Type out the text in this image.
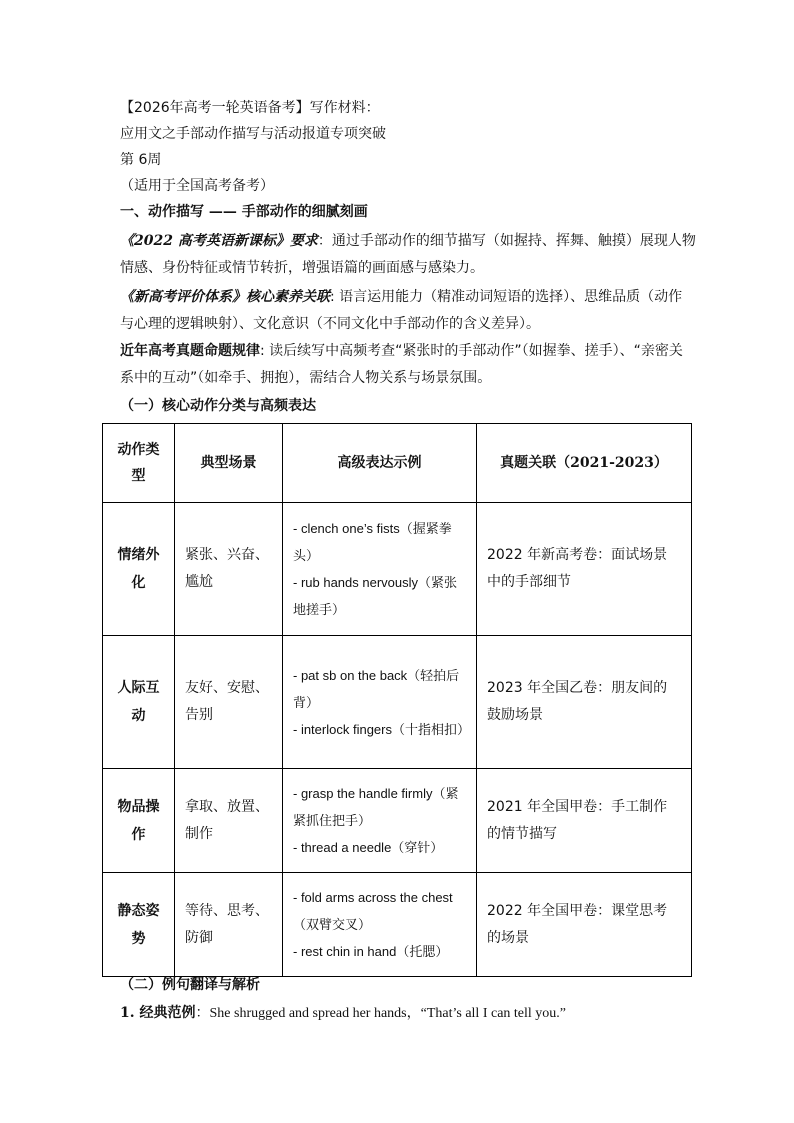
【2026年高考一轮英语备考】写作材料：
应用文之手部动作描写与活动报道专项突破
第 6周
（适用于全国高考备考）
一、动作描写 —— 手部动作的细腻刻画
《2022 高考英语新课标》要求：通过手部动作的细节描写（如握持、挥舞、触摸）展现人物情感、身份特征或情节转折，增强语篇的画面感与感染力。
《新高考评价体系》核心素养关联: 语言运用能力（精准动词短语的选择）、思维品质（动作与心理的逻辑映射）、文化意识（不同文化中手部动作的含义差异）。
近年高考真题命题规律: 读后续写中高频考查“紧张时的手部动作”（如握拳、搓手）、“亲密关系中的互动”（如牵手、拥抱），需结合人物关系与场景氛围。
（一）核心动作分类与高频表达
动作类型	典型场景	高级表达示例	真题关联（2021-2023）
情绪外化	紧张、兴奋、尴尬	- clench one’s fists（握紧拳头）
- rub hands nervously（紧张地搓手）	2022 年新高考卷：面试场景中的手部细节
人际互动	友好、安慰、告别	- pat sb on the back（轻拍后背）
- interlock fingers（十指相扣）	2023 年全国乙卷：朋友间的鼓励场景
物品操作	拿取、放置、制作	- grasp the handle firmly（紧紧抓住把手）
- thread a needle（穿针）	2021 年全国甲卷：手工制作的情节描写
静态姿势	等待、思考、防御	- fold arms across the chest（双臂交叉）
- rest chin in hand（托腮）	2022 年全国甲卷：课堂思考的场景
（二）例句翻译与解析
1. 经典范例：She shrugged and spread her hands，“That’s all I can tell you.”
